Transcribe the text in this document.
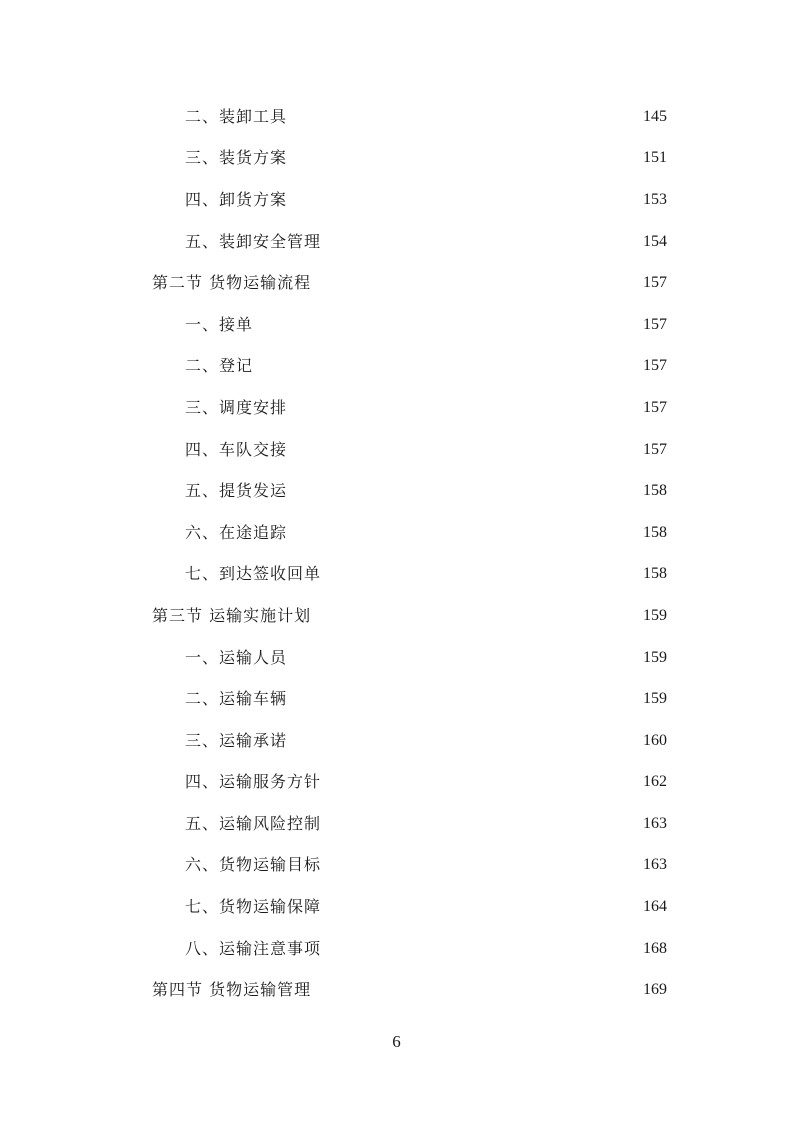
二、装卸工具	145
三、装货方案	151
四、卸货方案	153
五、装卸安全管理	154
第二节 货物运输流程	157
一、接单	157
二、登记	157
三、调度安排	157
四、车队交接	157
五、提货发运	158
六、在途追踪	158
七、到达签收回单	158
第三节 运输实施计划	159
一、运输人员	159
二、运输车辆	159
三、运输承诺	160
四、运输服务方针	162
五、运输风险控制	163
六、货物运输目标	163
七、货物运输保障	164
八、运输注意事项	168
第四节 货物运输管理	169
6
